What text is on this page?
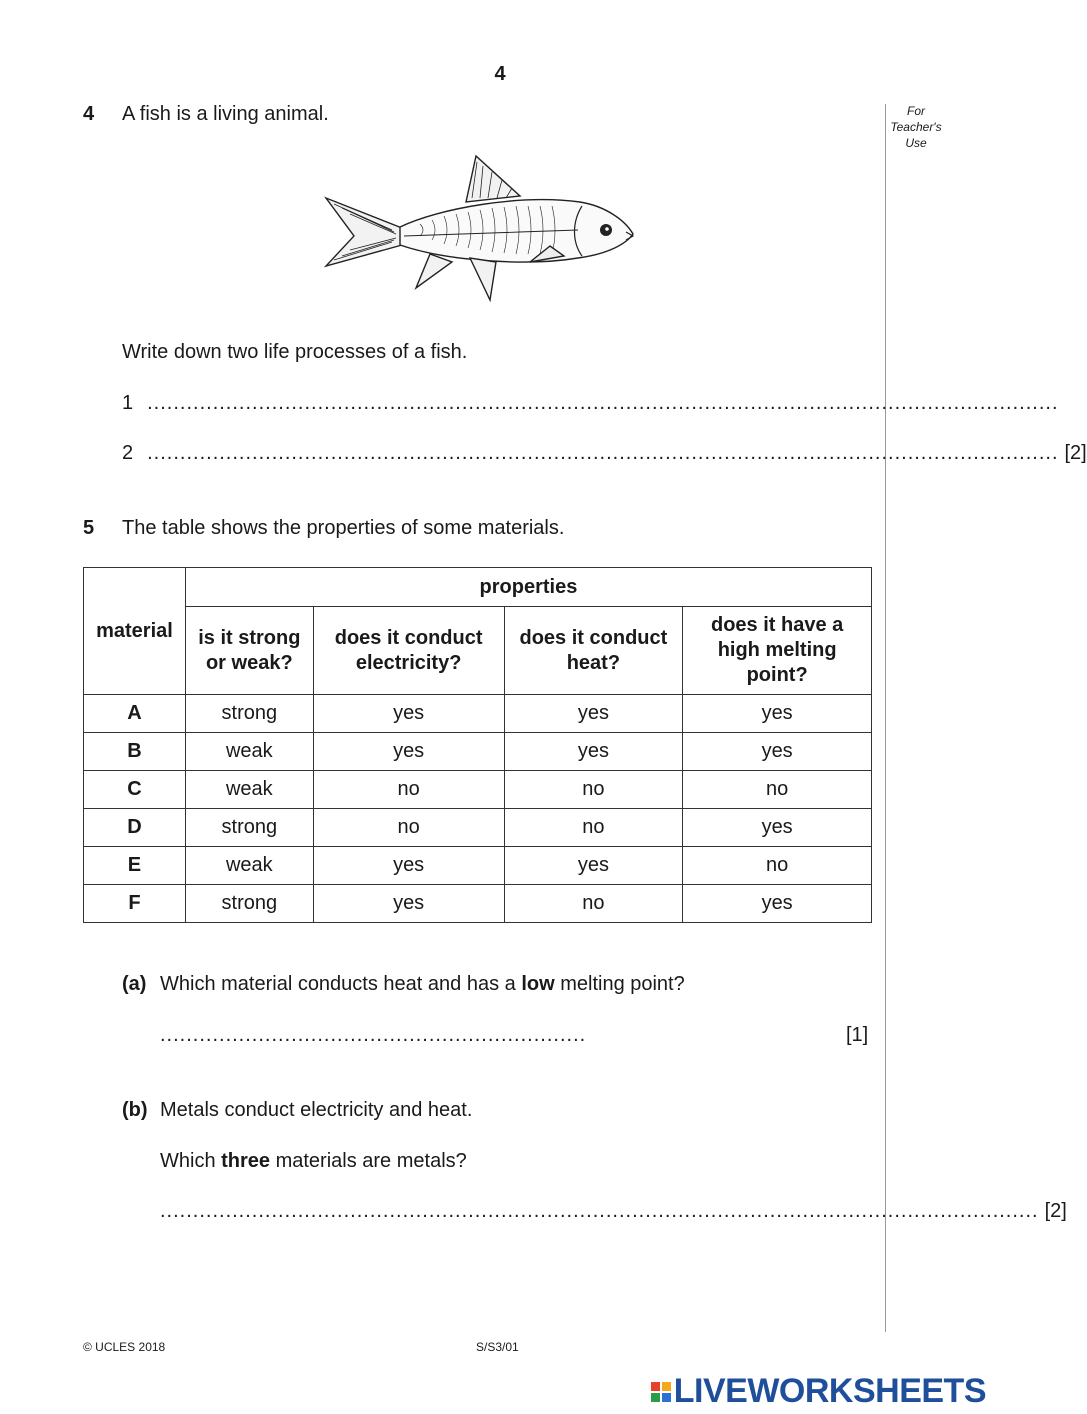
4
For
Teacher's
Use
4 A fish is a living animal.
Write down two life processes of a fish.
1 ...........................................................................................................................................
2 ........................................................................................................................................... [2]
5 The table shows the properties of some materials.
material	properties			
	is it strong or weak?	does it conduct electricity?	does it conduct heat?	does it have a high melting point?
A	strong	yes	yes	yes
B	weak	yes	yes	yes
C	weak	no	no	no
D	strong	no	no	yes
E	weak	yes	yes	no
F	strong	yes	no	yes
(a) Which material conducts heat and has a low melting point?
.................................................................	[1]
(b) Metals conduct electricity and heat.
Which three materials are metals?
...................................................................................................................................... [2]
© UCLES 2018	S/S3/01
LIVEWORKSHEETS
